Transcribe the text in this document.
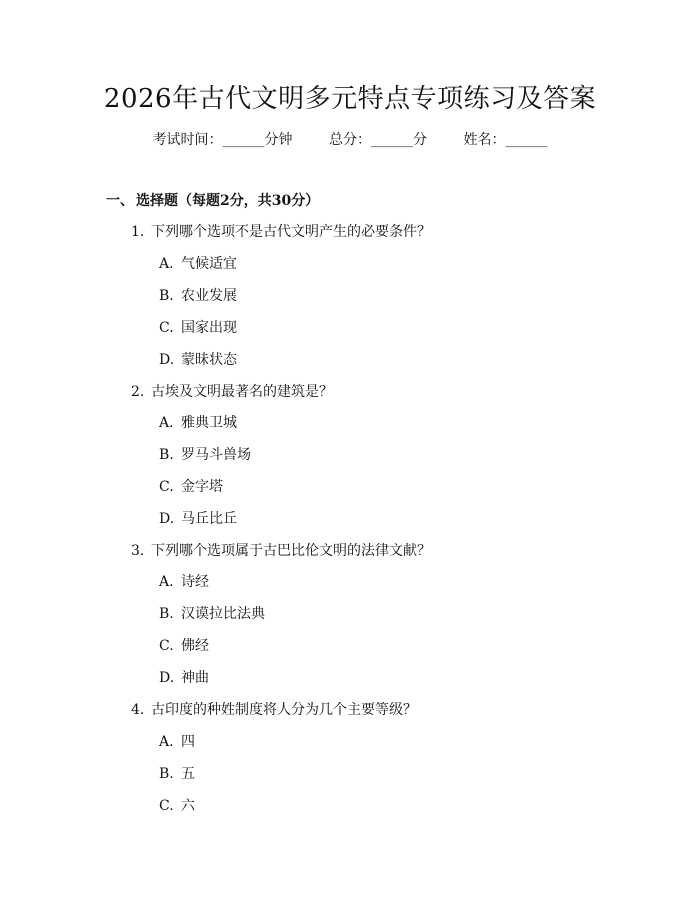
2026年古代文明多元特点专项练习及答案
考试时间：______分钟	总分：______分	姓名：______
一、 选择题（每题2分，共30分）
1. 下列哪个选项不是古代文明产生的必要条件？
A. 气候适宜
B. 农业发展
C. 国家出现
D. 蒙昧状态
2. 古埃及文明最著名的建筑是？
A. 雅典卫城
B. 罗马斗兽场
C. 金字塔
D. 马丘比丘
3. 下列哪个选项属于古巴比伦文明的法律文献？
A. 诗经
B. 汉谟拉比法典
C. 佛经
D. 神曲
4. 古印度的种姓制度将人分为几个主要等级？
A. 四
B. 五
C. 六
